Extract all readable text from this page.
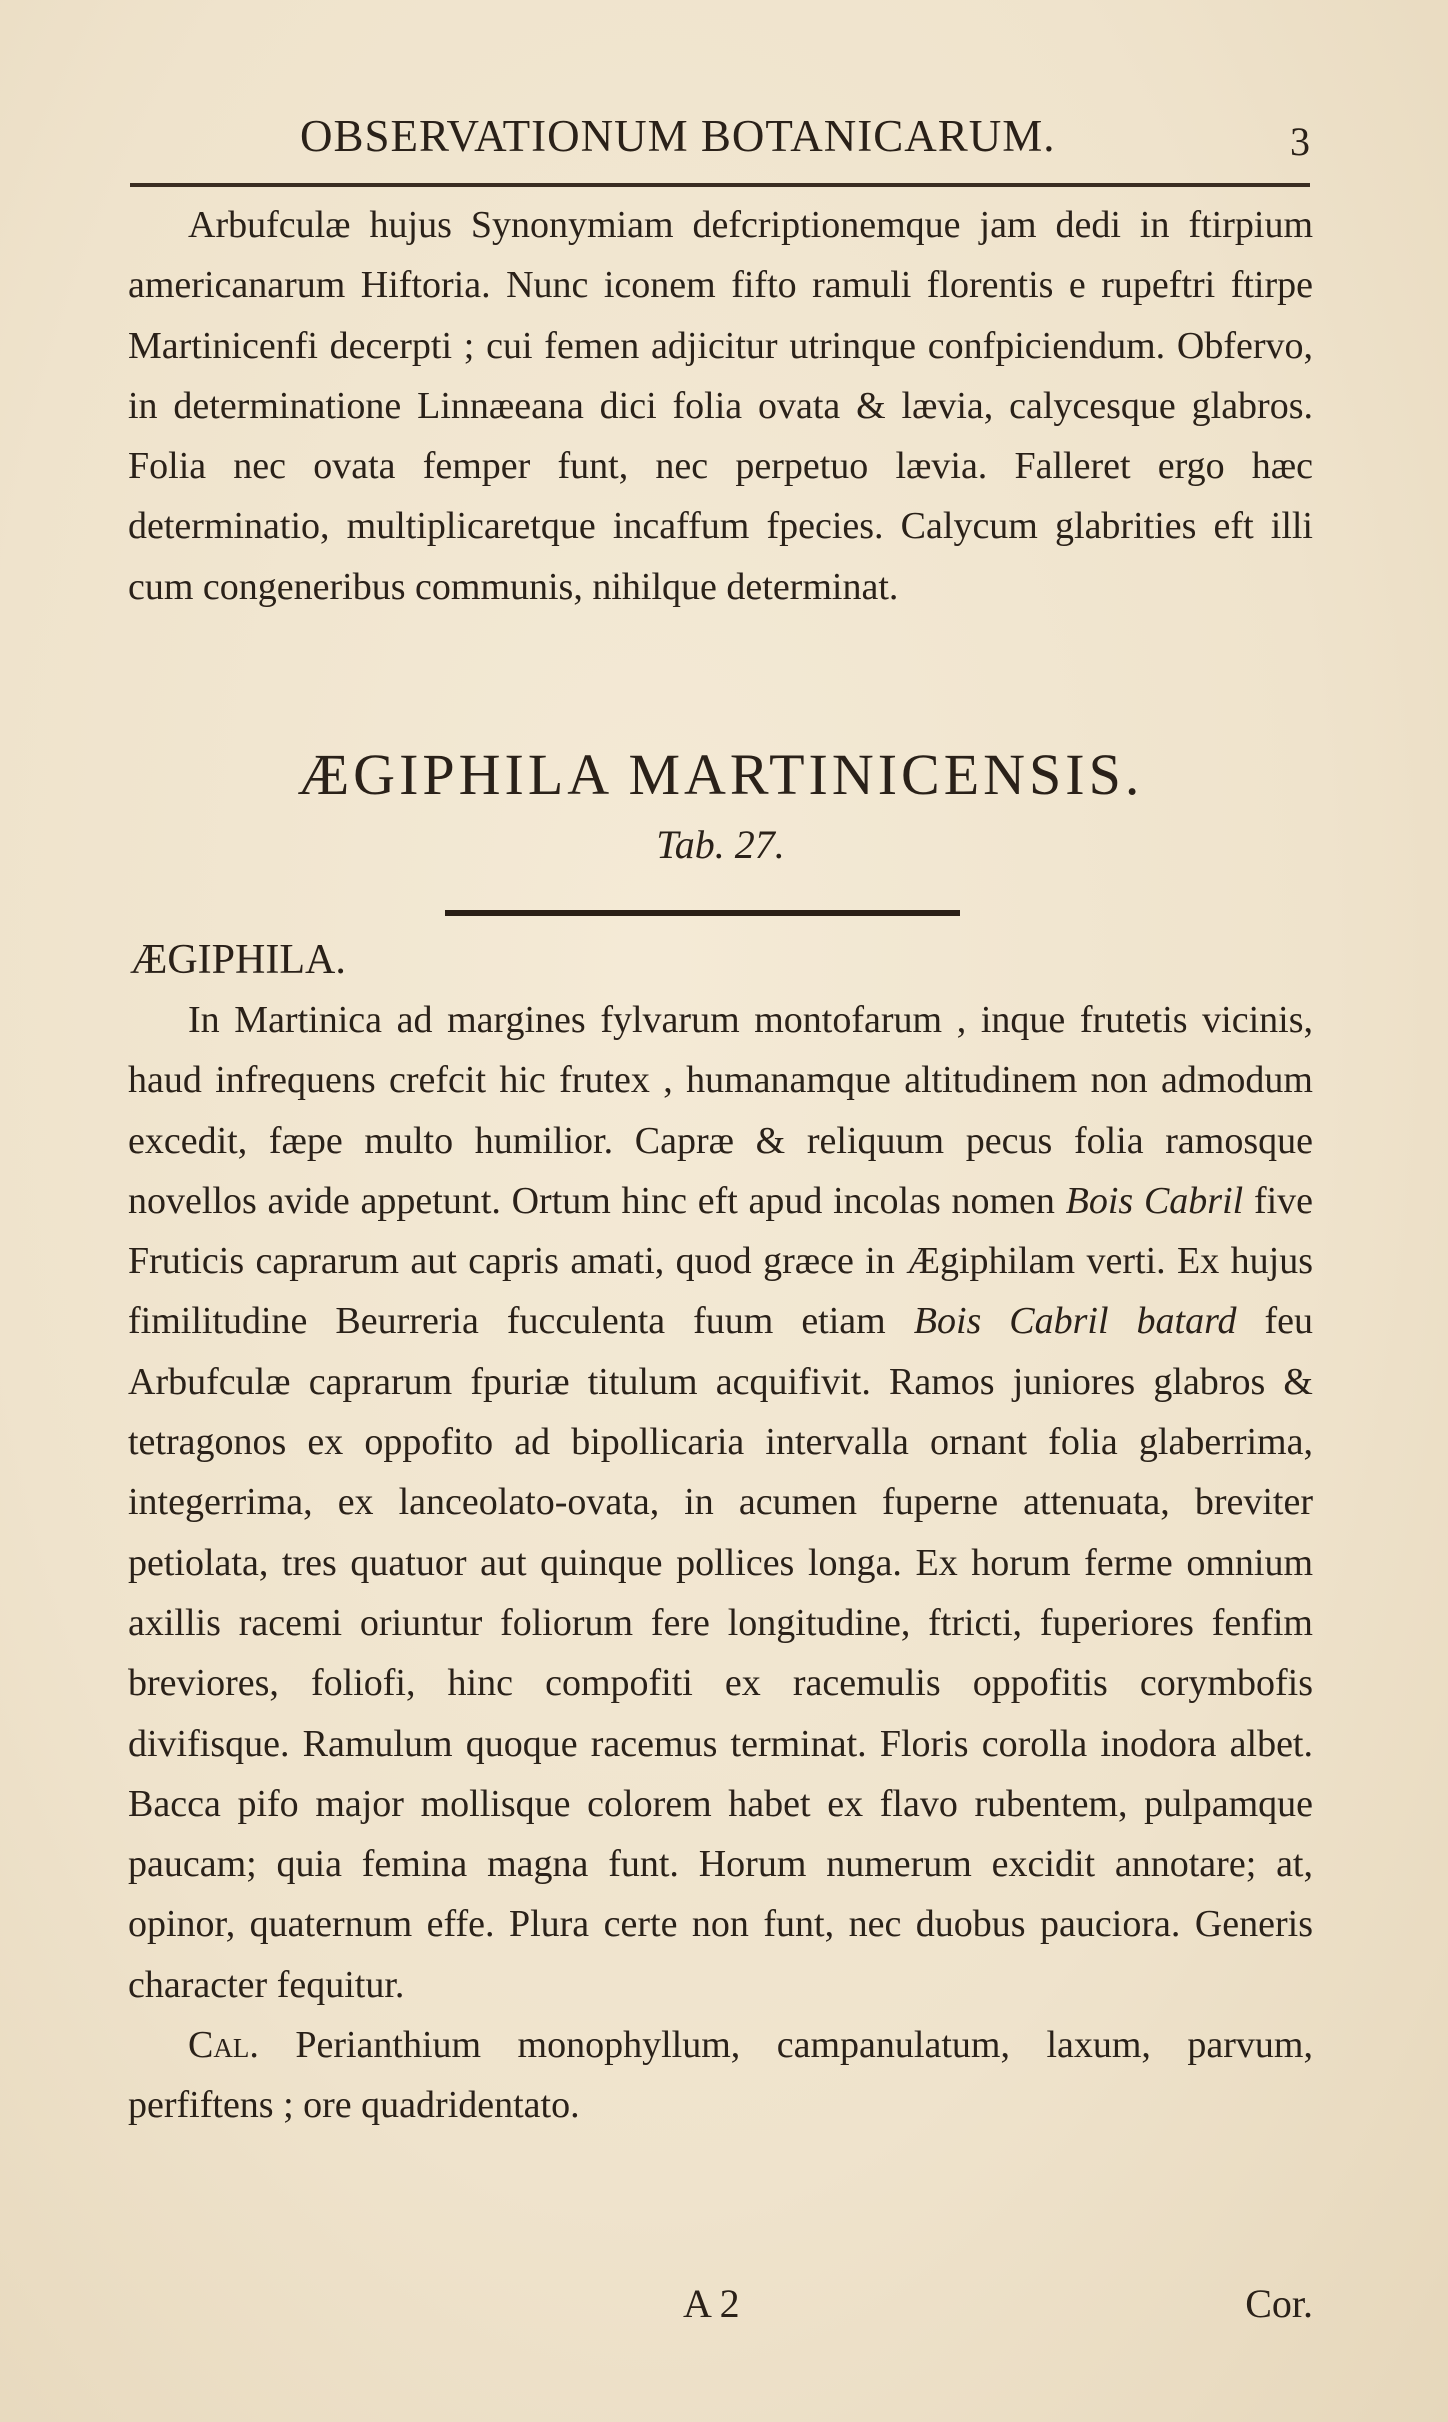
OBSERVATIONUM BOTANICARUM.	3

Arbufculæ hujus Synonymiam defcriptionemque jam dedi in ftirpium americanarum Hiftoria. Nunc iconem fifto ramuli florentis e rupeftri ftirpe Martinicenfi decerpti ; cui femen adjicitur utrinque confpiciendum. Obfervo, in determinatione Linnæeana dici folia ovata & lævia, calycesque glabros. Folia nec ovata femper funt, nec perpetuo lævia. Falleret ergo hæc determinatio, multiplicaretque incaffum fpecies. Calycum glabrities eft illi cum congeneribus communis, nihilque determinat.

ÆGIPHILA MARTINICENSIS.
Tab. 27.
ÆGIPHILA.

In Martinica ad margines fylvarum montofarum , inque frutetis vicinis, haud infrequens crefcit hic frutex , humanamque altitudinem non admodum excedit, fæpe multo humilior. Capræ & reliquum pecus folia ramosque novellos avide appetunt. Ortum hinc eft apud incolas nomen Bois Cabril five Fruticis caprarum aut capris amati, quod græce in Ægiphilam verti. Ex hujus fimilitudine Beurreria fucculenta fuum etiam Bois Cabril batard feu Arbufculæ caprarum fpuriæ titulum acquifivit. Ramos juniores glabros & tetragonos ex oppofito ad bipollicaria intervalla ornant folia glaberrima, integerrima, ex lanceolato-ovata, in acumen fuperne attenuata, breviter petiolata, tres quatuor aut quinque pollices longa. Ex horum ferme omnium axillis racemi oriuntur foliorum fere longitudine, ftricti, fuperiores fenfim breviores, foliofi, hinc compofiti ex racemulis oppofitis corymbofis divifisque. Ramulum quoque racemus terminat. Floris corolla inodora albet. Bacca pifo major mollisque colorem habet ex flavo rubentem, pulpamque paucam; quia femina magna funt. Horum numerum excidit annotare; at, opinor, quaternum effe. Plura certe non funt, nec duobus pauciora. Generis character fequitur.

Cal. Perianthium monophyllum, campanulatum, laxum, parvum, perfiftens ; ore quadridentato.

A 2	Cor.
